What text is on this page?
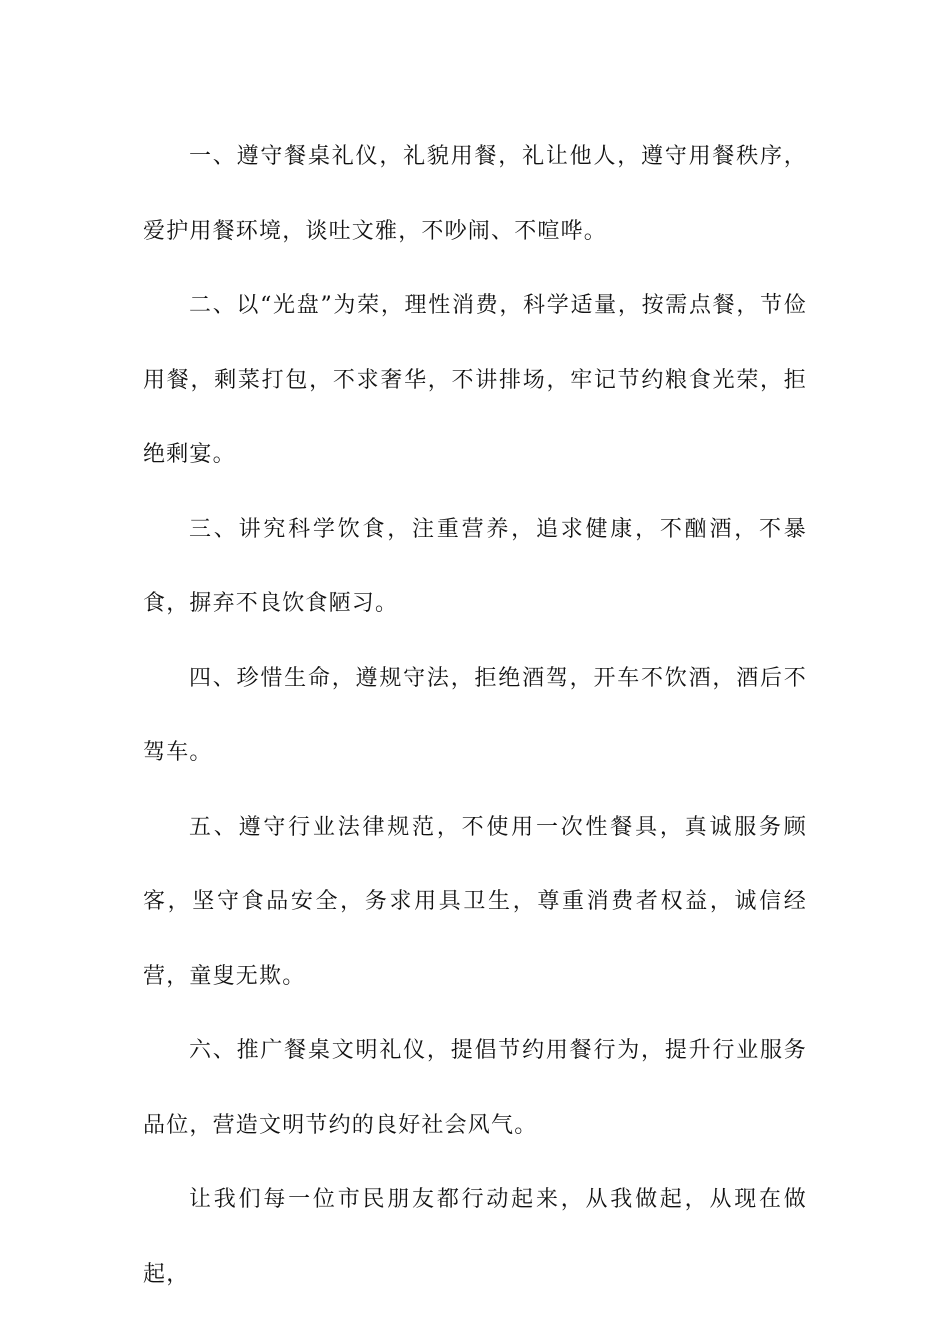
一、遵守餐桌礼仪，礼貌用餐，礼让他人，遵守用餐秩序，爱护用餐环境，谈吐文雅，不吵闹、不喧哗。

二、以“光盘”为荣，理性消费，科学适量，按需点餐，节俭用餐，剩菜打包，不求奢华，不讲排场，牢记节约粮食光荣，拒绝剩宴。

三、讲究科学饮食，注重营养，追求健康，不酗酒，不暴食，摒弃不良饮食陋习。

四、珍惜生命，遵规守法，拒绝酒驾，开车不饮酒，酒后不驾车。

五、遵守行业法律规范，不使用一次性餐具，真诚服务顾客，坚守食品安全，务求用具卫生，尊重消费者权益，诚信经营，童叟无欺。

六、推广餐桌文明礼仪，提倡节约用餐行为，提升行业服务品位，营造文明节约的良好社会风气。

让我们每一位市民朋友都行动起来，从我做起，从现在做起，
